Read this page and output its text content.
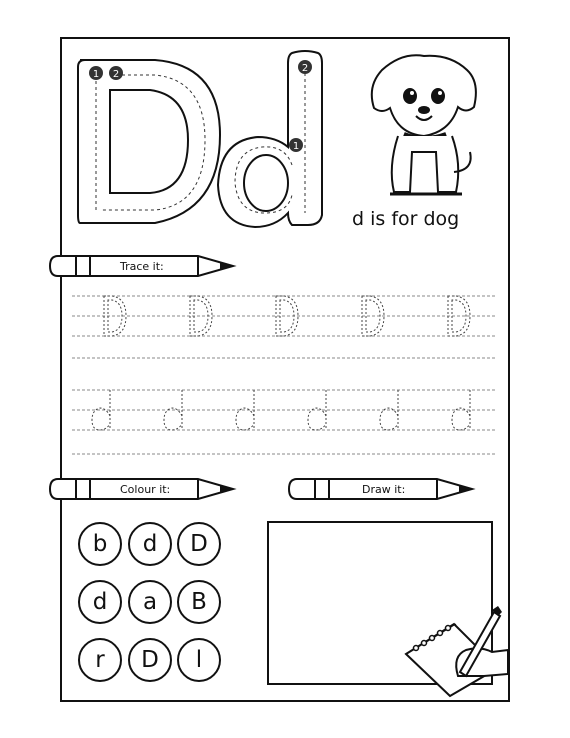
1 2
2
1
d is for dog
Trace it:
Colour it:	Draw it:
b	d	D
d	a	B
r	D	l
